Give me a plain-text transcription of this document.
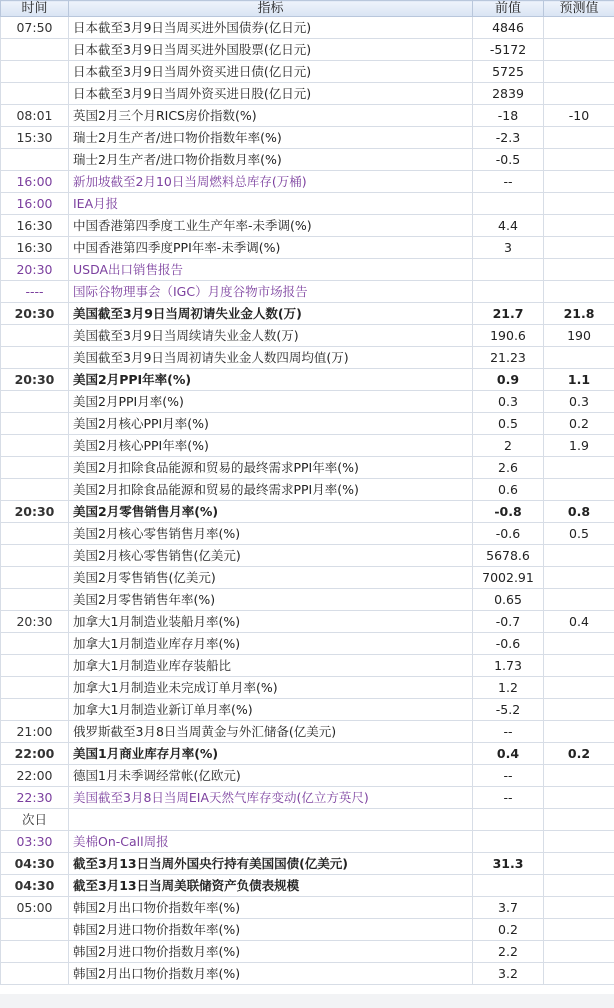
时间	指标	前值	预测值
07:50	日本截至3月9日当周买进外国债券(亿日元)	4846	
	日本截至3月9日当周买进外国股票(亿日元)	-5172	
	日本截至3月9日当周外资买进日债(亿日元)	5725	
	日本截至3月9日当周外资买进日股(亿日元)	2839	
08:01	英国2月三个月RICS房价指数(%)	-18	-10
15:30	瑞士2月生产者/进口物价指数年率(%)	-2.3	
	瑞士2月生产者/进口物价指数月率(%)	-0.5	
16:00	新加坡截至2月10日当周燃料总库存(万桶)	--	
16:00	IEA月报		
16:30	中国香港第四季度工业生产年率-未季调(%)	4.4	
16:30	中国香港第四季度PPI年率-未季调(%)	3	
20:30	USDA出口销售报告		
----	国际谷物理事会（IGC）月度谷物市场报告		
20:30	美国截至3月9日当周初请失业金人数(万)	21.7	21.8
	美国截至3月9日当周续请失业金人数(万)	190.6	190
	美国截至3月9日当周初请失业金人数四周均值(万)	21.23	
20:30	美国2月PPI年率(%)	0.9	1.1
	美国2月PPI月率(%)	0.3	0.3
	美国2月核心PPI月率(%)	0.5	0.2
	美国2月核心PPI年率(%)	2	1.9
	美国2月扣除食品能源和贸易的最终需求PPI年率(%)	2.6	
	美国2月扣除食品能源和贸易的最终需求PPI月率(%)	0.6	
20:30	美国2月零售销售月率(%)	-0.8	0.8
	美国2月核心零售销售月率(%)	-0.6	0.5
	美国2月核心零售销售(亿美元)	5678.6	
	美国2月零售销售(亿美元)	7002.91	
	美国2月零售销售年率(%)	0.65	
20:30	加拿大1月制造业装船月率(%)	-0.7	0.4
	加拿大1月制造业库存月率(%)	-0.6	
	加拿大1月制造业库存装船比	1.73	
	加拿大1月制造业未完成订单月率(%)	1.2	
	加拿大1月制造业新订单月率(%)	-5.2	
21:00	俄罗斯截至3月8日当周黄金与外汇储备(亿美元)	--	
22:00	美国1月商业库存月率(%)	0.4	0.2
22:00	德国1月未季调经常帐(亿欧元)	--	
22:30	美国截至3月8日当周EIA天然气库存变动(亿立方英尺)	--	
次日			
03:30	美棉On-Call周报		
04:30	截至3月13日当周外国央行持有美国国债(亿美元)	31.3	
04:30	截至3月13日当周美联储资产负债表规模		
05:00	韩国2月出口物价指数年率(%)	3.7	
	韩国2月进口物价指数年率(%)	0.2	
	韩国2月进口物价指数月率(%)	2.2	
	韩国2月出口物价指数月率(%)	3.2	
